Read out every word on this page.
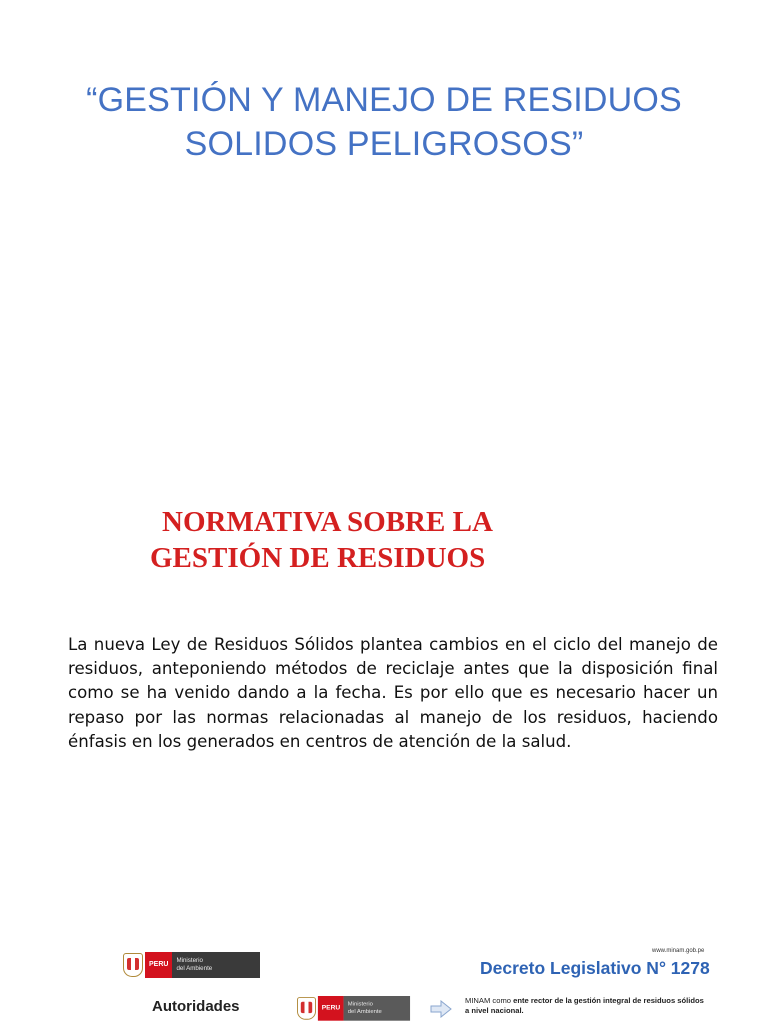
“GESTIÓN Y MANEJO DE RESIDUOS SOLIDOS PELIGROSOS”
NORMATIVA SOBRE LA
GESTIÓN DE RESIDUOS

La nueva Ley de Residuos Sólidos plantea cambios en el ciclo del manejo de residuos, anteponiendo métodos de reciclaje antes que la disposición final como se ha venido dando a la fecha. Es por ello que es necesario hacer un repaso por las normas relacionadas al manejo de los residuos, haciendo énfasis en los generados en centros de atención de la salud.

PERU
Ministerio
del Ambiente
Autoridades	PERU
Ministerio
del Ambiente
www.minam.gob.pe
Decreto Legislativo N° 1278
MINAM como ente rector de la gestión integral de residuos sólidos a nivel nacional.
